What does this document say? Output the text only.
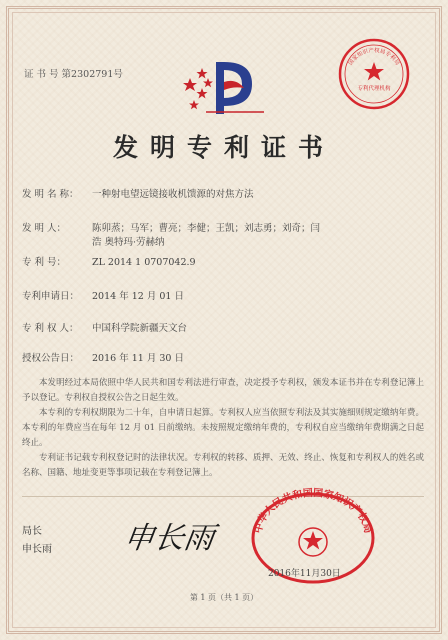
证 书 号 第2302791号
专利代理机构
国家知识产权局专利局
发明专利证书
发 明 名 称： 一种射电望远镜接收机馈源的对焦方法
发 明 人：	陈卯蒸；马军；曹亮；李健；王凯；刘志勇；刘奇；闫浩 奥特玛·劳赫纳
专 利 号：	ZL 2014 1 0707042.9
专利申请日： 2014 年 12 月 01 日
专 利 权 人： 中国科学院新疆天文台
授权公告日： 2016 年 11 月 30 日

本发明经过本局依照中华人民共和国专利法进行审查，决定授予专利权，颁发本证书并在专利登记簿上予以登记。专利权自授权公告之日起生效。

本专利的专利权期限为二十年，自申请日起算。专利权人应当依照专利法及其实施细则规定缴纳年费。本专利的年费应当在每年 12 月 01 日前缴纳。未按照规定缴纳年费的，专利权自应当缴纳年费期满之日起终止。

专利证书记载专利权登记时的法律状况。专利权的转移、质押、无效、终止、恢复和专利权人的姓名或名称、国籍、地址变更等事项记载在专利登记簿上。

局长
申长雨 申长雨	中华人民共和国国家知识产权局
2016年11月30日
第 1 页（共 1 页）
